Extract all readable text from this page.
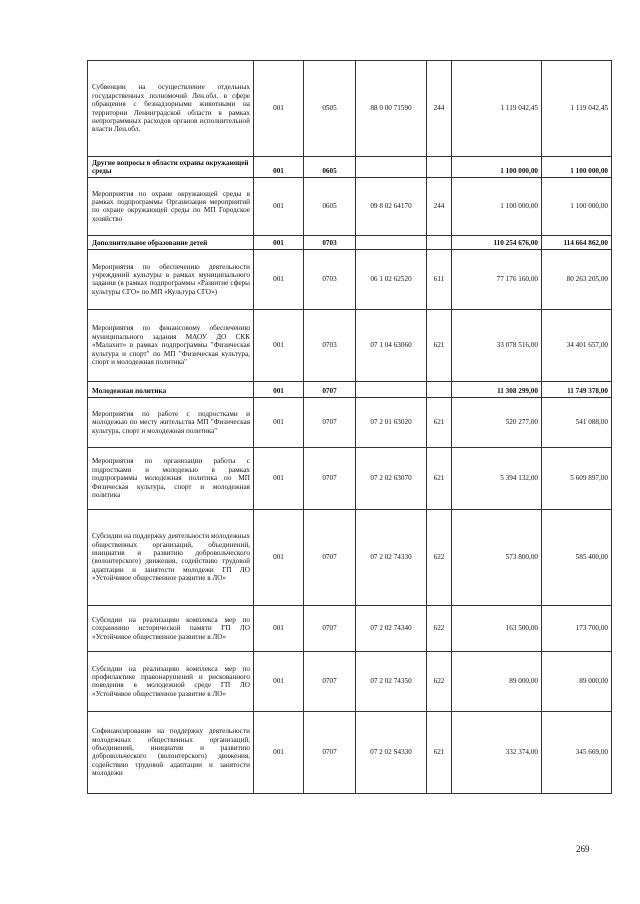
Субвенции на осуществление отдельных государственных полномочий Лен.обл. в сфере обращения с безнадзорными животными на территории Ленинградской области в рамках непрограммных расходов органов исполнительной власти Лен.обл.	001	0505	88 0 00 71590	244	1 119 042,45	1 119 042,45
Другие вопросы в области охраны окружающей среды	001	0605			1 100 000,00	1 100 000,00
Мероприятия по охране окружающей среды в рамках подпрограммы Организация мероприятий по охране окружающей среды по МП Городское хозяйство	001	0605	09 8 02 64170	244	1 100 000,00	1 100 000,00
Дополнительное образование детей	001	0703			110 254 676,00	114 664 862,00
Мероприятия по обеспечению деятельности учреждений культуры в рамках муниципального задания (в рамках подпрограммы «Развитие сферы культуры СГО» по МП «Культура СГО»)	001	0703	06 1 02 62520	611	77 176 160,00	80 263 205,00
Мероприятия по финансовому обеспечению муниципального задания МАОУ ДО СКК «Малахит» в рамках подпрограммы "Физическая культура и спорт" по МП "Физическая культура, спорт и молодежная политика"	001	0703	07 1 04 63060	621	33 078 516,00	34 401 657,00
Молодежная политика	001	0707			11 308 299,00	11 749 378,00
Мероприятия по работе с подростками и молодежью по месту жительства МП "Физическая культура, спорт и молодежная политика"	001	0707	07 2 01 63020	621	520 277,00	541 088,00
Мероприятия по организации работы с подростками и молодежью в рамках подпрограммы молодежная политика по МП Физическая культура, спорт и молодежная политика	001	0707	07 2 02 63070	621	5 394 132,00	5 609 897,00
Субсидии на поддержку деятельности молодежных общественных организаций, объединений, инициатив и развитию добровольческого (волонтерского) движения, содействию трудовой адаптации и занятости молодежи ГП ЛО «Устойчивое общественное развитие в ЛО»	001	0707	07 2 02 74330	622	573 800,00	585 400,00
Субсидии на реализацию комплекса мер по сохранению исторической памяти ГП ЛО «Устойчивое общественное развитие в ЛО»	001	0707	07 2 02 74340	622	163 500,00	173 700,00
Субсидии на реализацию комплекса мер по профилактике правонарушений и рискованного поведения в молодежной среде ГП ЛО «Устойчивое общественное развитие в ЛО»	001	0707	07 2 02 74350	622	89 000,00	89 000,00
Софинансирование на поддержку деятельности молодежных общественных организаций, объединений, инициатив и развитию добровольческого (волонтерского) движения, содействию трудовой адаптации и занятости молодежи	001	0707	07 2 02 S4330	621	332 374,00	345 669,00
269
